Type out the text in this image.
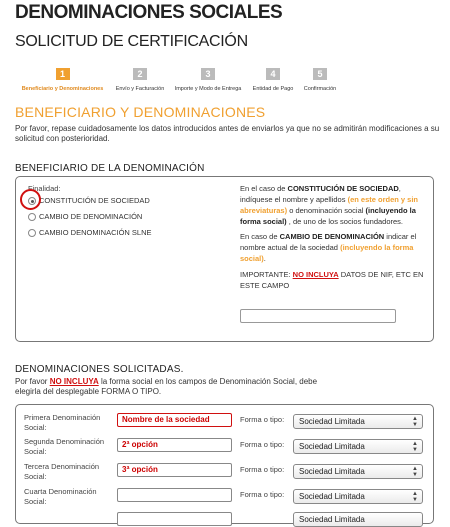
DENOMINACIONES SOCIALES
SOLICITUD DE CERTIFICACIÓN
1
Beneficiario y Denominaciones
2
Envío y Facturación
3
Importe y Modo de Entrega
4
Entidad de Pago
5
Confirmación
BENEFICIARIO Y DENOMINACIONES
Por favor, repase cuidadosamente los datos introducidos antes de enviarlos ya que no se admitirán modificaciones a su solicitud con posterioridad.
BENEFICIARIO DE LA DENOMINACIÓN
Finalidad:
CONSTITUCIÓN DE SOCIEDAD
CAMBIO DE DENOMINACIÓN
CAMBIO DENOMINACIÓN SLNE
En el caso de CONSTITUCIÓN DE SOCIEDAD, indíquese el nombre y apellidos (en este orden y sin abreviaturas) o denominación social (incluyendo la forma social) , de uno de los socios fundadores.
En caso de CAMBIO DE DENOMINACIÓN indicar el nombre actual de la sociedad (incluyendo la forma social).
IMPORTANTE: NO INCLUYA DATOS DE NIF, ETC EN ESTE CAMPO
DENOMINACIONES SOLICITADAS.
Por favor NO INCLUYA la forma social en los campos de Denominación Social, debe elegirla del desplegable FORMA O TIPO.
Primera Denominación Social:
Nombre de la sociedad	Forma o tipo:	Sociedad Limitada	▲
▼
Segunda Denominación Social:
2ª opción	Forma o tipo:	Sociedad Limitada	▲
▼
Tercera Denominación Social:
3ª opción	Forma o tipo:	Sociedad Limitada	▲
▼
Cuarta Denominación Social:
Forma o tipo:	Sociedad Limitada	▲
▼
Sociedad Limitada
